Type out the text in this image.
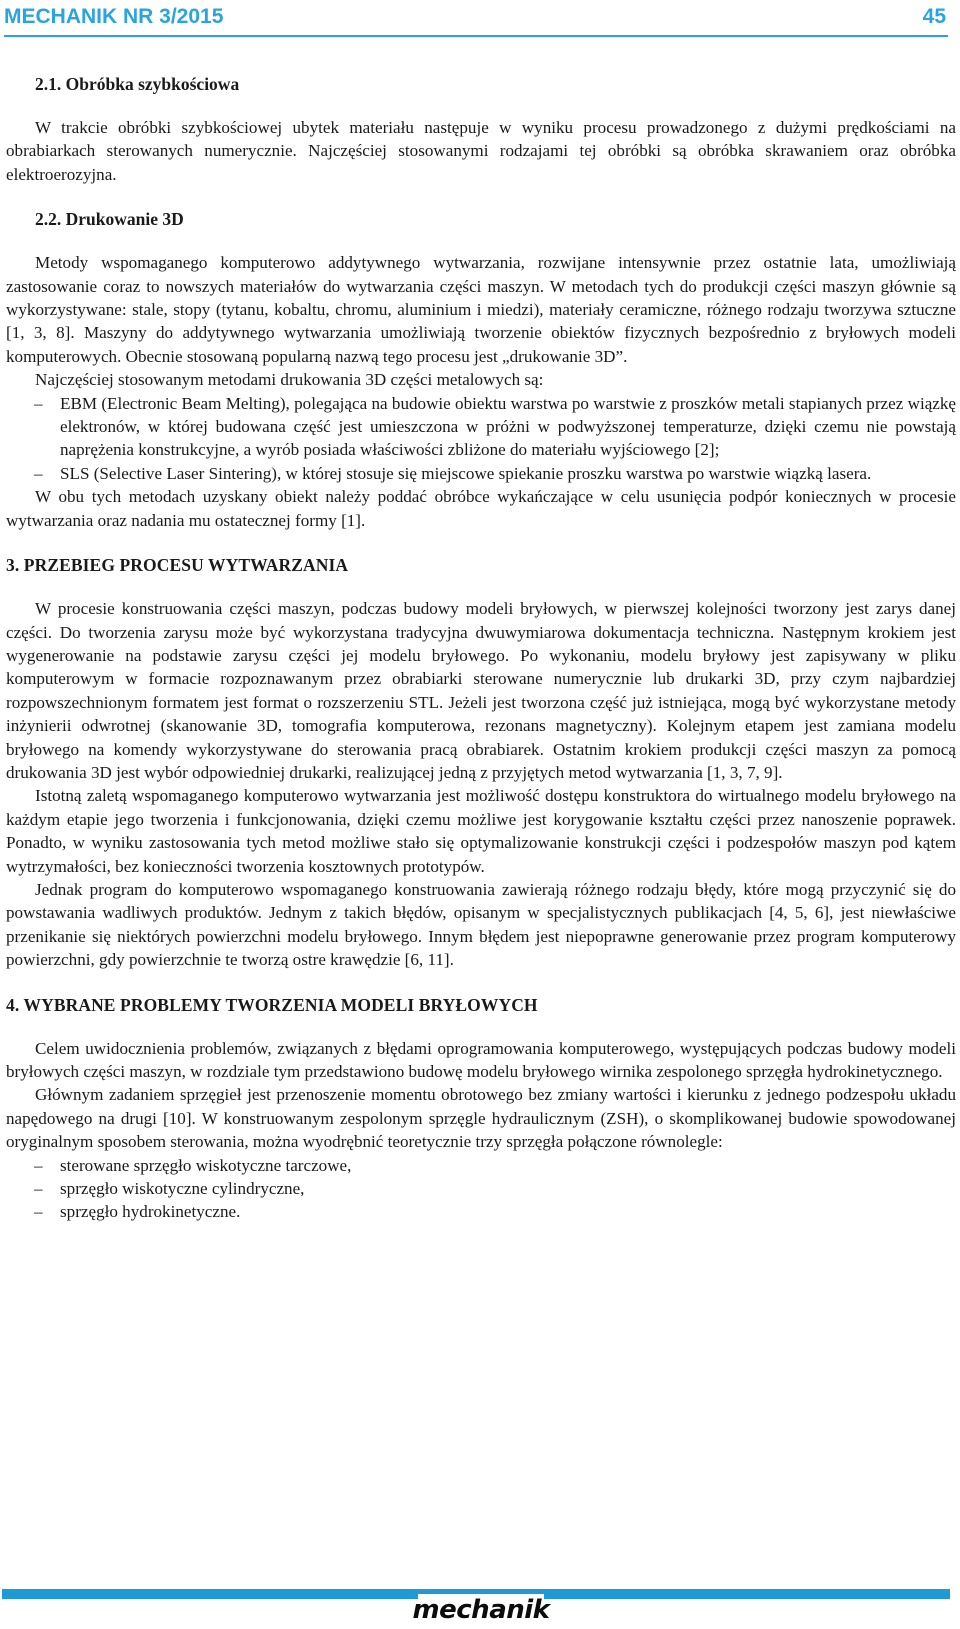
MECHANIK NR 3/2015	45
2.1. Obróbka szybkościowa

W trakcie obróbki szybkościowej ubytek materiału następuje w wyniku procesu prowadzonego z dużymi prędkościami na obrabiarkach sterowanych numerycznie. Najczęściej stosowanymi rodzajami tej obróbki są obróbka skrawaniem oraz obróbka elektroerozyjna.

2.2. Drukowanie 3D

Metody wspomaganego komputerowo addytywnego wytwarzania, rozwijane intensywnie przez ostatnie lata, umożliwiają zastosowanie coraz to nowszych materiałów do wytwarzania części maszyn. W metodach tych do produkcji części maszyn głównie są wykorzystywane: stale, stopy (tytanu, kobaltu, chromu, aluminium i miedzi), materiały ceramiczne, różnego rodzaju tworzywa sztuczne [1, 3, 8]. Maszyny do addytywnego wytwarzania umożliwiają tworzenie obiektów fizycznych bezpośrednio z bryłowych modeli komputerowych. Obecnie stosowaną popularną nazwą tego procesu jest „drukowanie 3D”.

Najczęściej stosowanym metodami drukowania 3D części metalowych są:

–	EBM (Electronic Beam Melting), polegająca na budowie obiektu warstwa po warstwie z proszków metali stapianych przez wiązkę elektronów, w której budowana część jest umieszczona w próżni w podwyższonej temperaturze, dzięki czemu nie powstają naprężenia konstrukcyjne, a wyrób posiada właściwości zbliżone do materiału wyjściowego [2];
–	SLS (Selective Laser Sintering), w której stosuje się miejscowe spiekanie proszku warstwa po warstwie wiązką lasera.

W obu tych metodach uzyskany obiekt należy poddać obróbce wykańczające w celu usunięcia podpór koniecznych w procesie wytwarzania oraz nadania mu ostatecznej formy [1].

3. PRZEBIEG PROCESU WYTWARZANIA

W procesie konstruowania części maszyn, podczas budowy modeli bryłowych, w pierwszej kolejności tworzony jest zarys danej części. Do tworzenia zarysu może być wykorzystana tradycyjna dwuwymiarowa dokumentacja techniczna. Następnym krokiem jest wygenerowanie na podstawie zarysu części jej modelu bryłowego. Po wykonaniu, modelu bryłowy jest zapisywany w pliku komputerowym w formacie rozpoznawanym przez obrabiarki sterowane numerycznie lub drukarki 3D, przy czym najbardziej rozpowszechnionym formatem jest format o rozszerzeniu STL. Jeżeli jest tworzona część już istniejąca, mogą być wykorzystane metody inżynierii odwrotnej (skanowanie 3D, tomografia komputerowa, rezonans magnetyczny). Kolejnym etapem jest zamiana modelu bryłowego na komendy wykorzystywane do sterowania pracą obrabiarek. Ostatnim krokiem produkcji części maszyn za pomocą drukowania 3D jest wybór odpowiedniej drukarki, realizującej jedną z przyjętych metod wytwarzania [1, 3, 7, 9].

Istotną zaletą wspomaganego komputerowo wytwarzania jest możliwość dostępu konstruktora do wirtualnego modelu bryłowego na każdym etapie jego tworzenia i funkcjonowania, dzięki czemu możliwe jest korygowanie kształtu części przez nanoszenie poprawek. Ponadto, w wyniku zastosowania tych metod możliwe stało się optymalizowanie konstrukcji części i podzespołów maszyn pod kątem wytrzymałości, bez konieczności tworzenia kosztownych prototypów.

Jednak program do komputerowo wspomaganego konstruowania zawierają różnego rodzaju błędy, które mogą przyczynić się do powstawania wadliwych produktów. Jednym z takich błędów, opisanym w specjalistycznych publikacjach [4, 5, 6], jest niewłaściwe przenikanie się niektórych powierzchni modelu bryłowego. Innym błędem jest niepoprawne generowanie przez program komputerowy powierzchni, gdy powierzchnie te tworzą ostre krawędzie [6, 11].

4. WYBRANE PROBLEMY TWORZENIA MODELI BRYŁOWYCH

Celem uwidocznienia problemów, związanych z błędami oprogramowania komputerowego, występujących podczas budowy modeli bryłowych części maszyn, w rozdziale tym przedstawiono budowę modelu bryłowego wirnika zespolonego sprzęgła hydrokinetycznego.

Głównym zadaniem sprzęgieł jest przenoszenie momentu obrotowego bez zmiany wartości i kierunku z jednego podzespołu układu napędowego na drugi [10]. W konstruowanym zespolonym sprzęgle hydraulicznym (ZSH), o skomplikowanej budowie spowodowanej oryginalnym sposobem sterowania, można wyodrębnić teoretycznie trzy sprzęgła połączone równolegle:

–	sterowane sprzęgło wiskotyczne tarczowe,
–	sprzęgło wiskotyczne cylindryczne,
–	sprzęgło hydrokinetyczne.
mechanik
